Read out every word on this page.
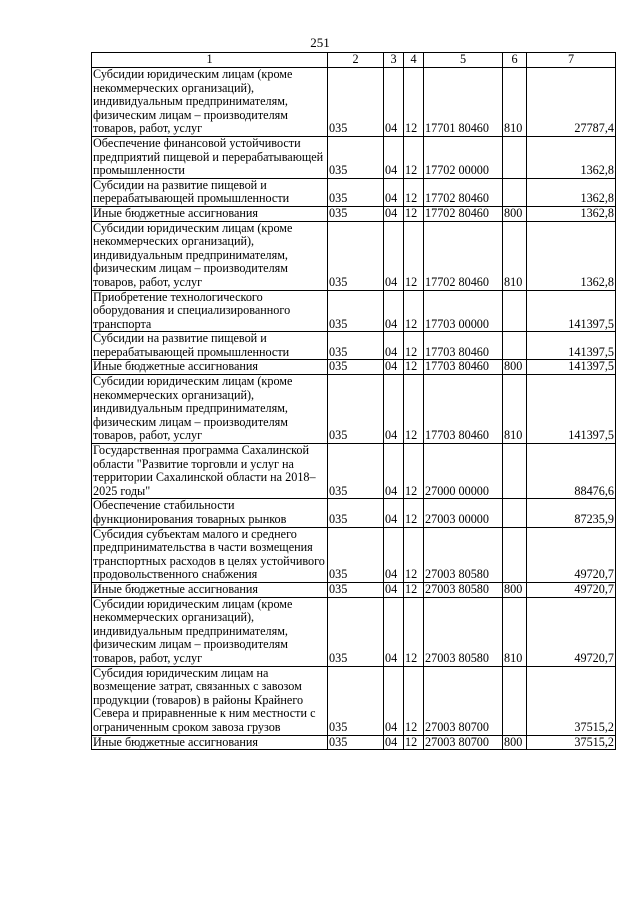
251
1	2	3	4	5	6	7
Субсидии юридическим лицам (кроме некоммерческих организаций), индивидуальным предпринимателям, физическим лицам – производителям товаров, работ, услуг	035	04	12	17701 80460	810	27787,4
Обеспечение финансовой устойчивости предприятий пищевой и перерабатывающей промышленности	035	04	12	17702 00000		1362,8
Субсидии на развитие пищевой и перерабатывающей промышленности	035	04	12	17702 80460		1362,8
Иные бюджетные ассигнования	035	04	12	17702 80460	800	1362,8
Субсидии юридическим лицам (кроме некоммерческих организаций), индивидуальным предпринимателям, физическим лицам – производителям товаров, работ, услуг	035	04	12	17702 80460	810	1362,8
Приобретение технологического оборудования и специализированного транспорта	035	04	12	17703 00000		141397,5
Субсидии на развитие пищевой и перерабатывающей промышленности	035	04	12	17703 80460		141397,5
Иные бюджетные ассигнования	035	04	12	17703 80460	800	141397,5
Субсидии юридическим лицам (кроме некоммерческих организаций), индивидуальным предпринимателям, физическим лицам – производителям товаров, работ, услуг	035	04	12	17703 80460	810	141397,5
Государственная программа Сахалинской области "Развитие торговли и услуг на территории Сахалинской области на 2018–2025 годы"	035	04	12	27000 00000		88476,6
Обеспечение стабильности функционирования товарных рынков	035	04	12	27003 00000		87235,9
Субсидия субъектам малого и среднего предпринимательства в части возмещения транспортных расходов в целях устойчивого продовольственного снабжения	035	04	12	27003 80580		49720,7
Иные бюджетные ассигнования	035	04	12	27003 80580	800	49720,7
Субсидии юридическим лицам (кроме некоммерческих организаций), индивидуальным предпринимателям, физическим лицам – производителям товаров, работ, услуг	035	04	12	27003 80580	810	49720,7
Субсидия юридическим лицам на возмещение затрат, связанных с завозом продукции (товаров) в районы Крайнего Севера и приравненные к ним местности с ограниченным сроком завоза грузов	035	04	12	27003 80700		37515,2
Иные бюджетные ассигнования	035	04	12	27003 80700	800	37515,2
